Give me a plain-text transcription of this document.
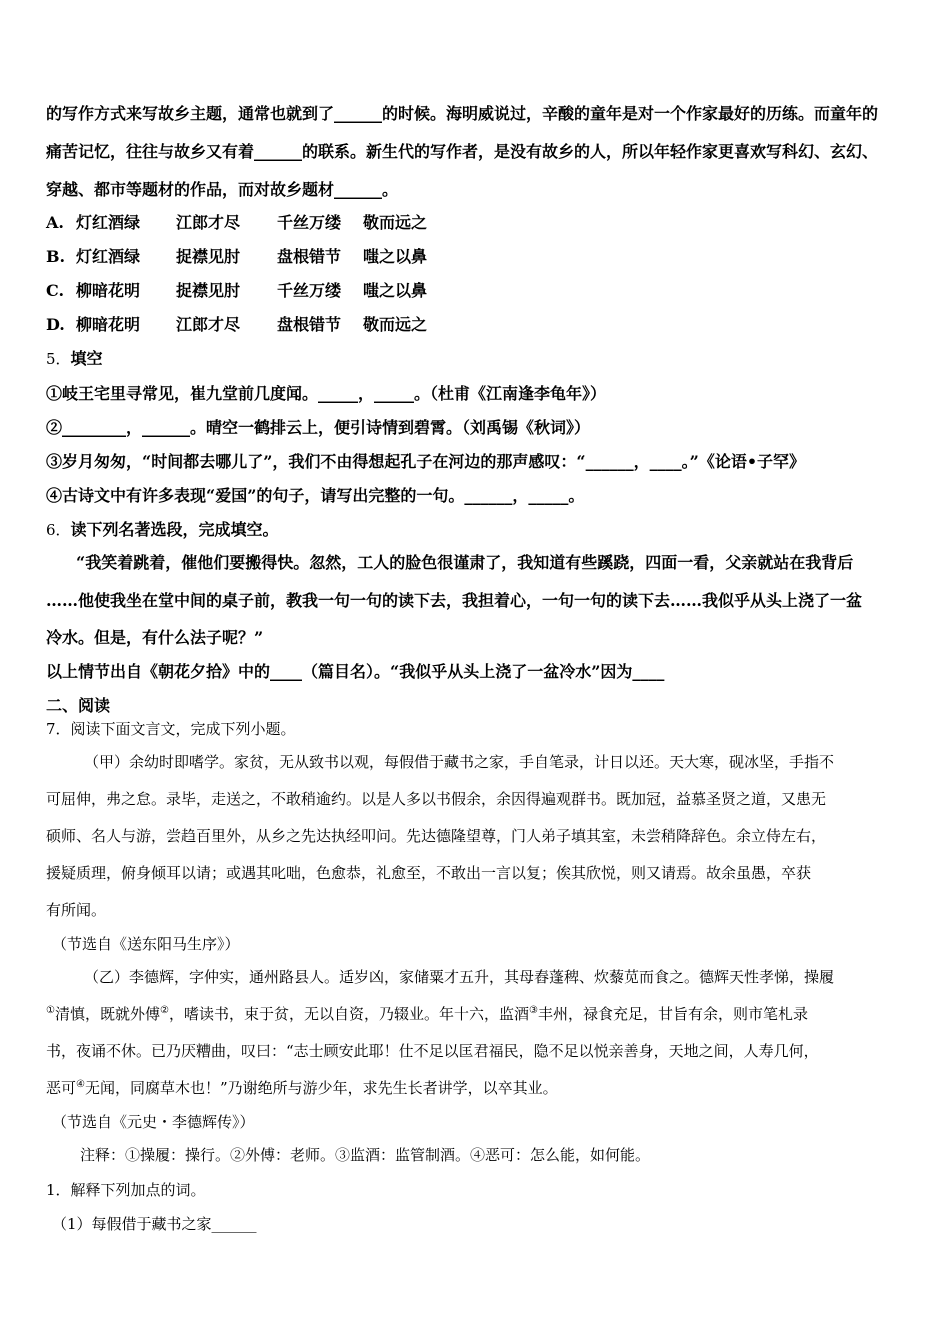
的写作方式来写故乡主题，通常也就到了______的时候。海明威说过，辛酸的童年是对一个作家最好的历练。而童年的
痛苦记忆，往往与故乡又有着______的联系。新生代的写作者，是没有故乡的人，所以年轻作家更喜欢写科幻、玄幻、
穿越、都市等题材的作品，而对故乡题材______。
A. 灯红酒绿 江郎才尽 千丝万缕 敬而远之
B. 灯红酒绿 捉襟见肘 盘根错节 嗤之以鼻
C. 柳暗花明 捉襟见肘 千丝万缕 嗤之以鼻
D. 柳暗花明 江郎才尽 盘根错节 敬而远之
5．填空
①岐王宅里寻常见，崔九堂前几度闻。_____，_____。（杜甫《江南逢李龟年》）
②________，______。晴空一鹤排云上，便引诗情到碧霄。（刘禹锡《秋词》）
③岁月匆匆，“时间都去哪儿了”，我们不由得想起孔子在河边的那声感叹：“______，____。”《论语•子罕》
④古诗文中有许多表现“爱国”的句子，请写出完整的一句。______，_____。
6．读下列名著选段，完成填空。
“我笑着跳着，催他们要搬得快。忽然，工人的脸色很谨肃了，我知道有些蹊跷，四面一看，父亲就站在我背后
……他使我坐在堂中间的桌子前，教我一句一句的读下去，我担着心，一句一句的读下去……我似乎从头上浇了一盆
冷水。但是，有什么法子呢？”
以上情节出自《朝花夕拾》中的____（篇目名）。“我似乎从头上浇了一盆冷水”因为____
二、阅读
7．阅读下面文言文，完成下列小题。
（甲）余幼时即嗜学。家贫，无从致书以观，每假借于藏书之家，手自笔录，计日以还。天大寒，砚冰坚，手指不
可屈伸，弗之怠。录毕，走送之，不敢稍逾约。以是人多以书假余，余因得遍观群书。既加冠，益慕圣贤之道，又患无
硕师、名人与游，尝趋百里外，从乡之先达执经叩问。先达德隆望尊，门人弟子填其室，未尝稍降辞色。余立侍左右，
援疑质理，俯身倾耳以请；或遇其叱咄，色愈恭，礼愈至，不敢出一言以复；俟其欣悦，则又请焉。故余虽愚，卒获
有所闻。
（节选自《送东阳马生序》）
（乙）李德辉，字仲实，通州路县人。适岁凶，家储粟才五升，其母舂蓬稗、炊藜苋而食之。德辉天性孝悌，操履
①清慎，既就外傅②，嗜读书，束于贫，无以自资，乃辍业。年十六，监酒③丰州，禄食充足，甘旨有余，则市笔札录
书，夜诵不休。已乃厌糟曲，叹曰：“志士顾安此耶！仕不足以匡君福民，隐不足以悦亲善身，天地之间，人寿几何，
恶可④无闻，同腐草木也！”乃谢绝所与游少年，求先生长者讲学，以卒其业。
（节选自《元史・李德辉传》）
注释：①操履：操行。②外傅：老师。③监酒：监管制酒。④恶可：怎么能，如何能。
1．解释下列加点的词。
（1）每假借于藏书之家______
